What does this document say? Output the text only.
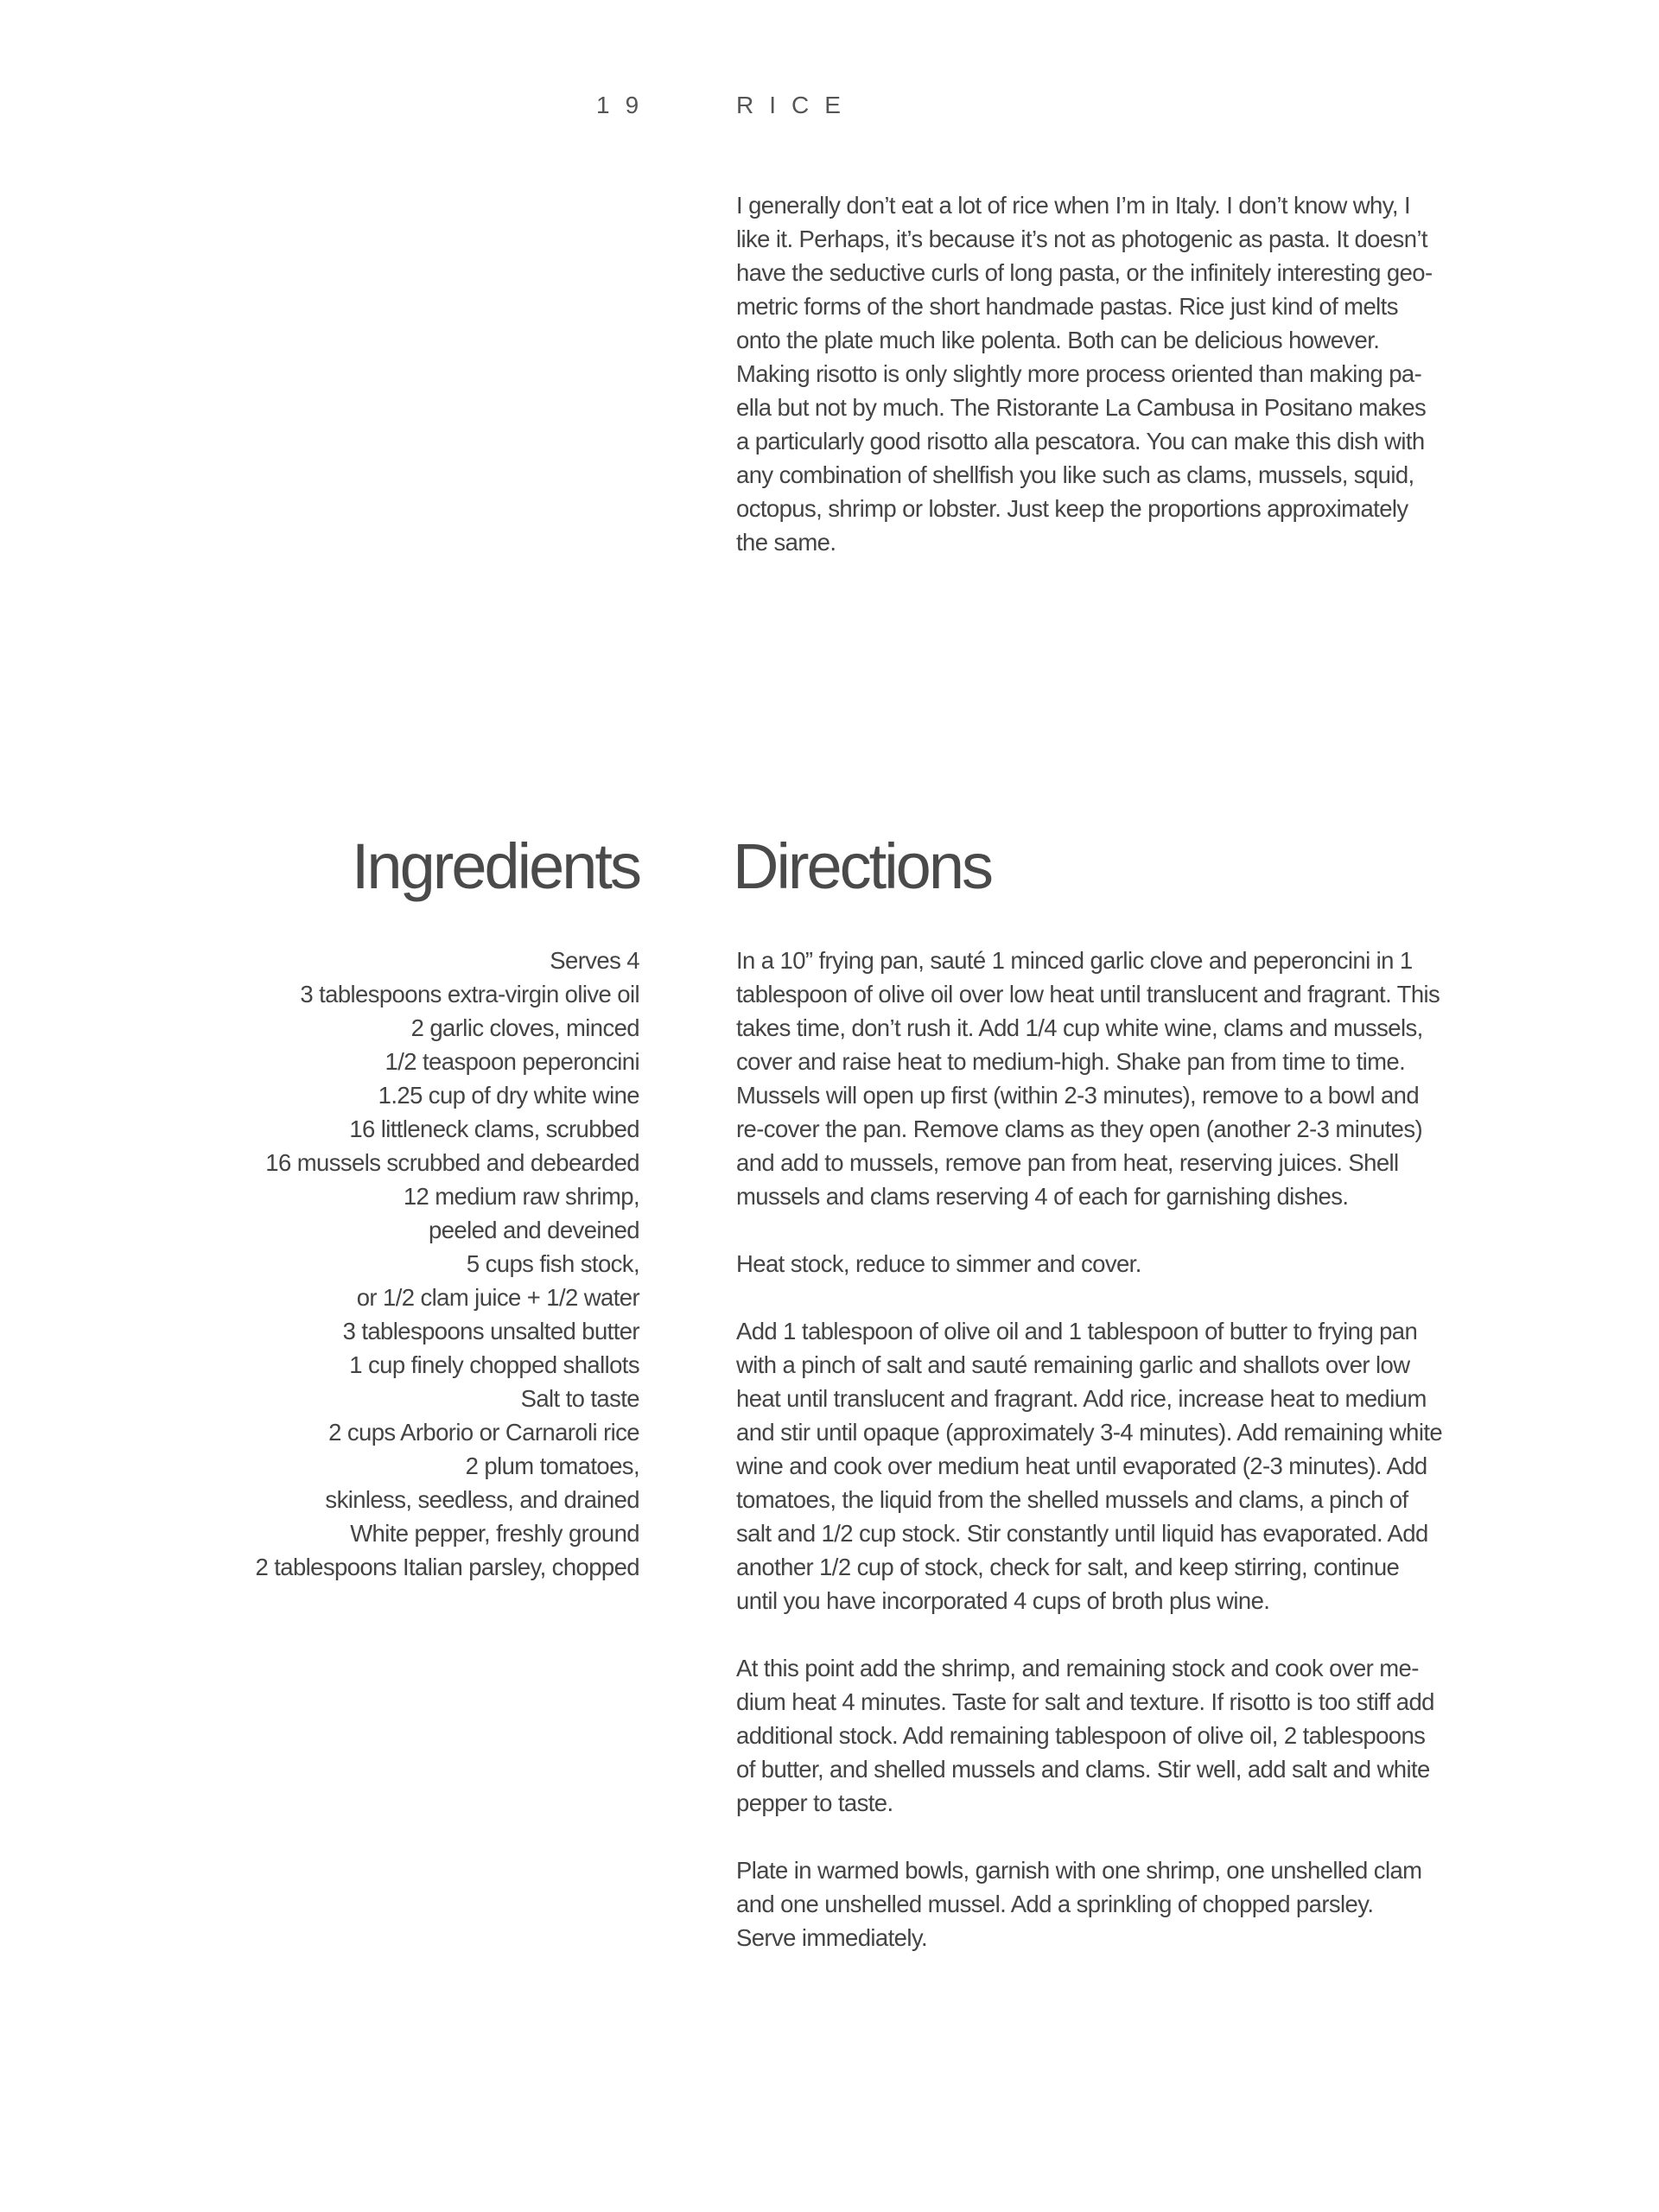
19	RICE
I generally don’t eat a lot of rice when I’m in Italy. I don’t know why, I
like it. Perhaps, it’s because it’s not as photogenic as pasta. It doesn’t
have the seductive curls of long pasta, or the infinitely interesting geo-
metric forms of the short handmade pastas. Rice just kind of melts
onto the plate much like polenta. Both can be delicious however.
Making risotto is only slightly more process oriented than making pa-
ella but not by much. The Ristorante La Cambusa in Positano makes
a particularly good risotto alla pescatora. You can make this dish with
any combination of shellfish you like such as clams, mussels, squid,
octopus, shrimp or lobster. Just keep the proportions approximately
the same.
Ingredients
Serves 4
3 tablespoons extra-virgin olive oil
2 garlic cloves, minced
1/2 teaspoon peperoncini
1.25 cup of dry white wine
16 littleneck clams, scrubbed
16 mussels scrubbed and debearded
12 medium raw shrimp,
peeled and deveined
5 cups fish stock,
or 1/2 clam juice + 1/2 water
3 tablespoons unsalted butter
1 cup finely chopped shallots
Salt to taste
2 cups Arborio or Carnaroli rice
2 plum tomatoes,
skinless, seedless, and drained
White pepper, freshly ground
2 tablespoons Italian parsley, chopped
Directions

In a 10” frying pan, sauté 1 minced garlic clove and peperoncini in 1
tablespoon of olive oil over low heat until translucent and fragrant. This
takes time, don’t rush it. Add 1/4 cup white wine, clams and mussels,
cover and raise heat to medium-high. Shake pan from time to time.
Mussels will open up first (within 2-3 minutes), remove to a bowl and
re-cover the pan. Remove clams as they open (another 2-3 minutes)
and add to mussels, remove pan from heat, reserving juices. Shell
mussels and clams reserving 4 of each for garnishing dishes.

Heat stock, reduce to simmer and cover.

Add 1 tablespoon of olive oil and 1 tablespoon of butter to frying pan
with a pinch of salt and sauté remaining garlic and shallots over low
heat until translucent and fragrant. Add rice, increase heat to medium
and stir until opaque (approximately 3-4 minutes). Add remaining white
wine and cook over medium heat until evaporated (2-3 minutes). Add
tomatoes, the liquid from the shelled mussels and clams, a pinch of
salt and 1/2 cup stock. Stir constantly until liquid has evaporated. Add
another 1/2 cup of stock, check for salt, and keep stirring, continue
until you have incorporated 4 cups of broth plus wine.

At this point add the shrimp, and remaining stock and cook over me-
dium heat 4 minutes. Taste for salt and texture. If risotto is too stiff add
additional stock. Add remaining tablespoon of olive oil, 2 tablespoons
of butter, and shelled mussels and clams. Stir well, add salt and white
pepper to taste.

Plate in warmed bowls, garnish with one shrimp, one unshelled clam
and one unshelled mussel. Add a sprinkling of chopped parsley.
Serve immediately.
